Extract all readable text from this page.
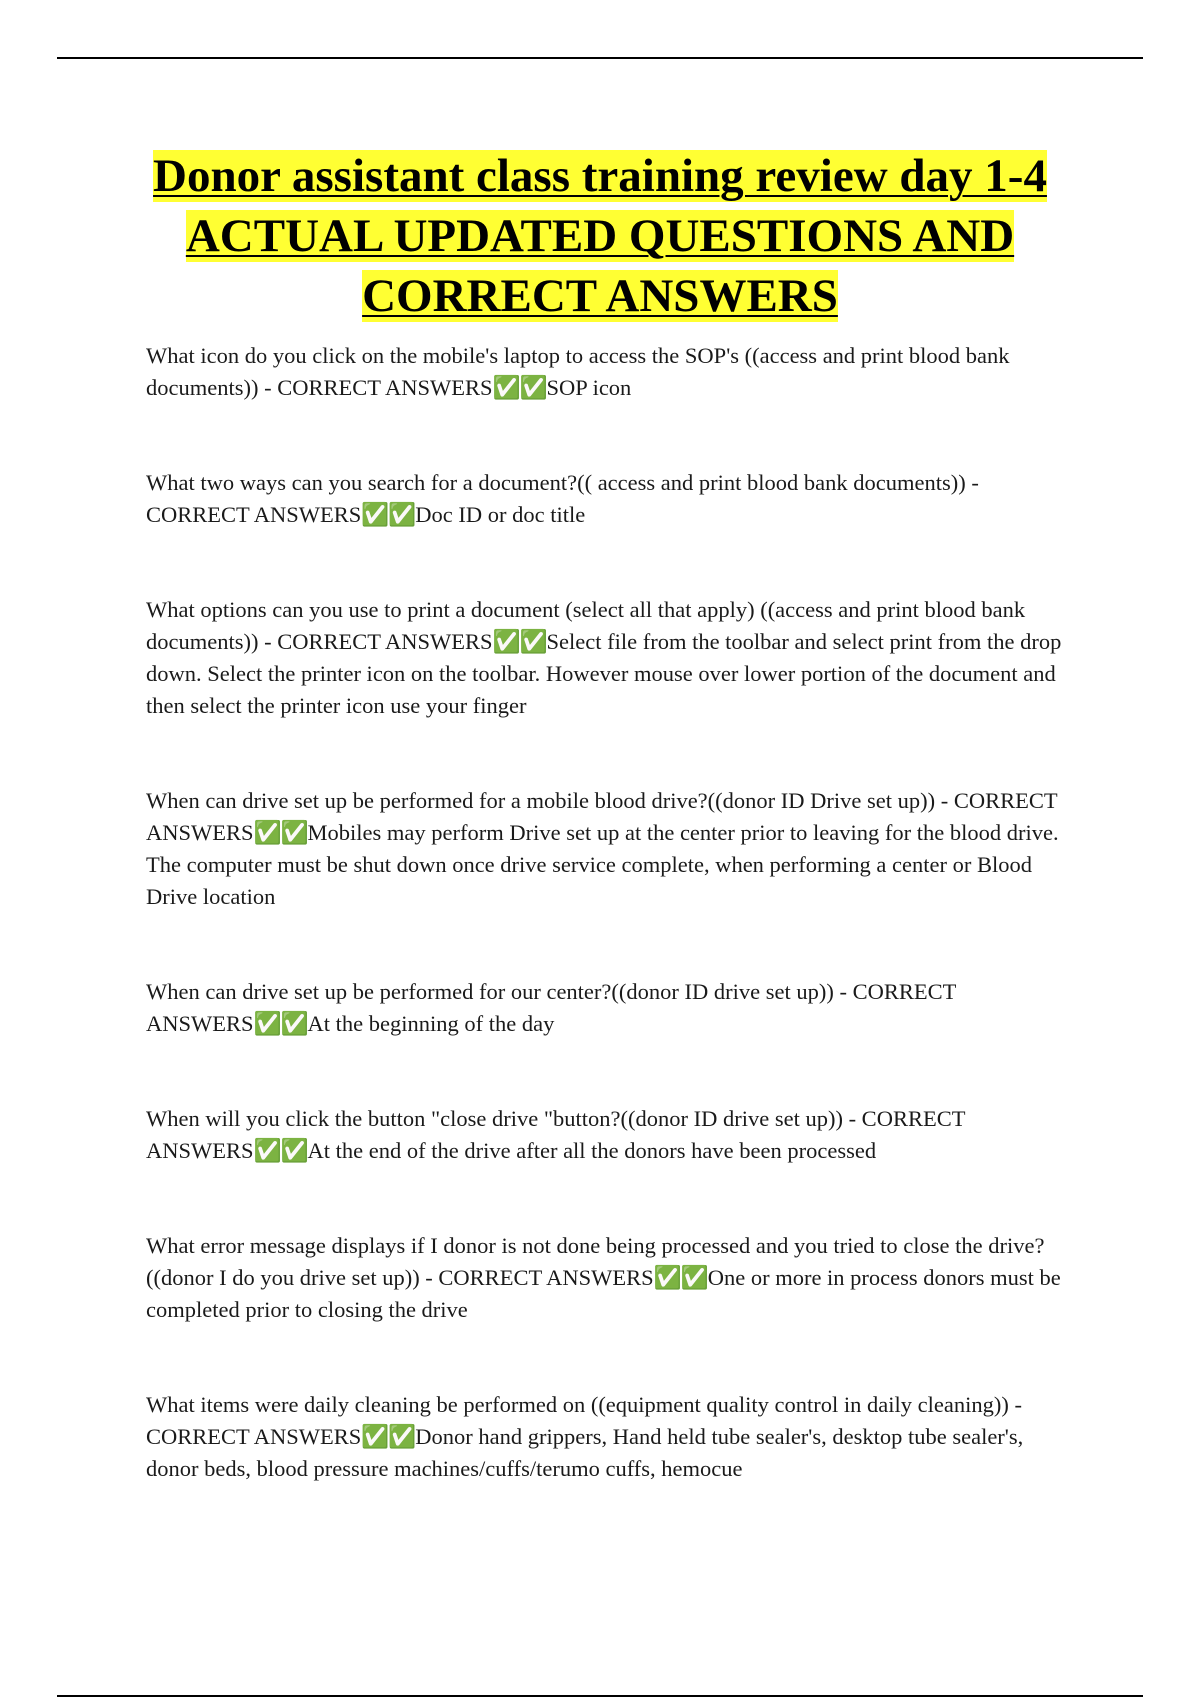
Donor assistant class training review day 1-4 ACTUAL UPDATED QUESTIONS AND CORRECT ANSWERS
What icon do you click on the mobile's laptop to access the SOP's ((access and print blood bank documents)) - CORRECT ANSWERS✅✅SOP icon
What two ways can you search for a document?(( access and print blood bank documents)) - CORRECT ANSWERS✅✅Doc ID or doc title
What options can you use to print a document (select all that apply) ((access and print blood bank documents)) - CORRECT ANSWERS✅✅Select file from the toolbar and select print from the drop down. Select the printer icon on the toolbar. However mouse over lower portion of the document and then select the printer icon use your finger
When can drive set up be performed for a mobile blood drive?((donor ID Drive set up)) - CORRECT ANSWERS✅✅Mobiles may perform Drive set up at the center prior to leaving for the blood drive. The computer must be shut down once drive service complete, when performing a center or Blood Drive location
When can drive set up be performed for our center?((donor ID drive set up)) - CORRECT ANSWERS✅✅At the beginning of the day
When will you click the button "close drive "button?((donor ID drive set up)) - CORRECT ANSWERS✅✅At the end of the drive after all the donors have been processed
What error message displays if I donor is not done being processed and you tried to close the drive?((donor I do you drive set up)) - CORRECT ANSWERS✅✅One or more in process donors must be completed prior to closing the drive
What items were daily cleaning be performed on ((equipment quality control in daily cleaning)) - CORRECT ANSWERS✅✅Donor hand grippers, Hand held tube sealer's, desktop tube sealer's, donor beds, blood pressure machines/cuffs/terumo cuffs, hemocue
